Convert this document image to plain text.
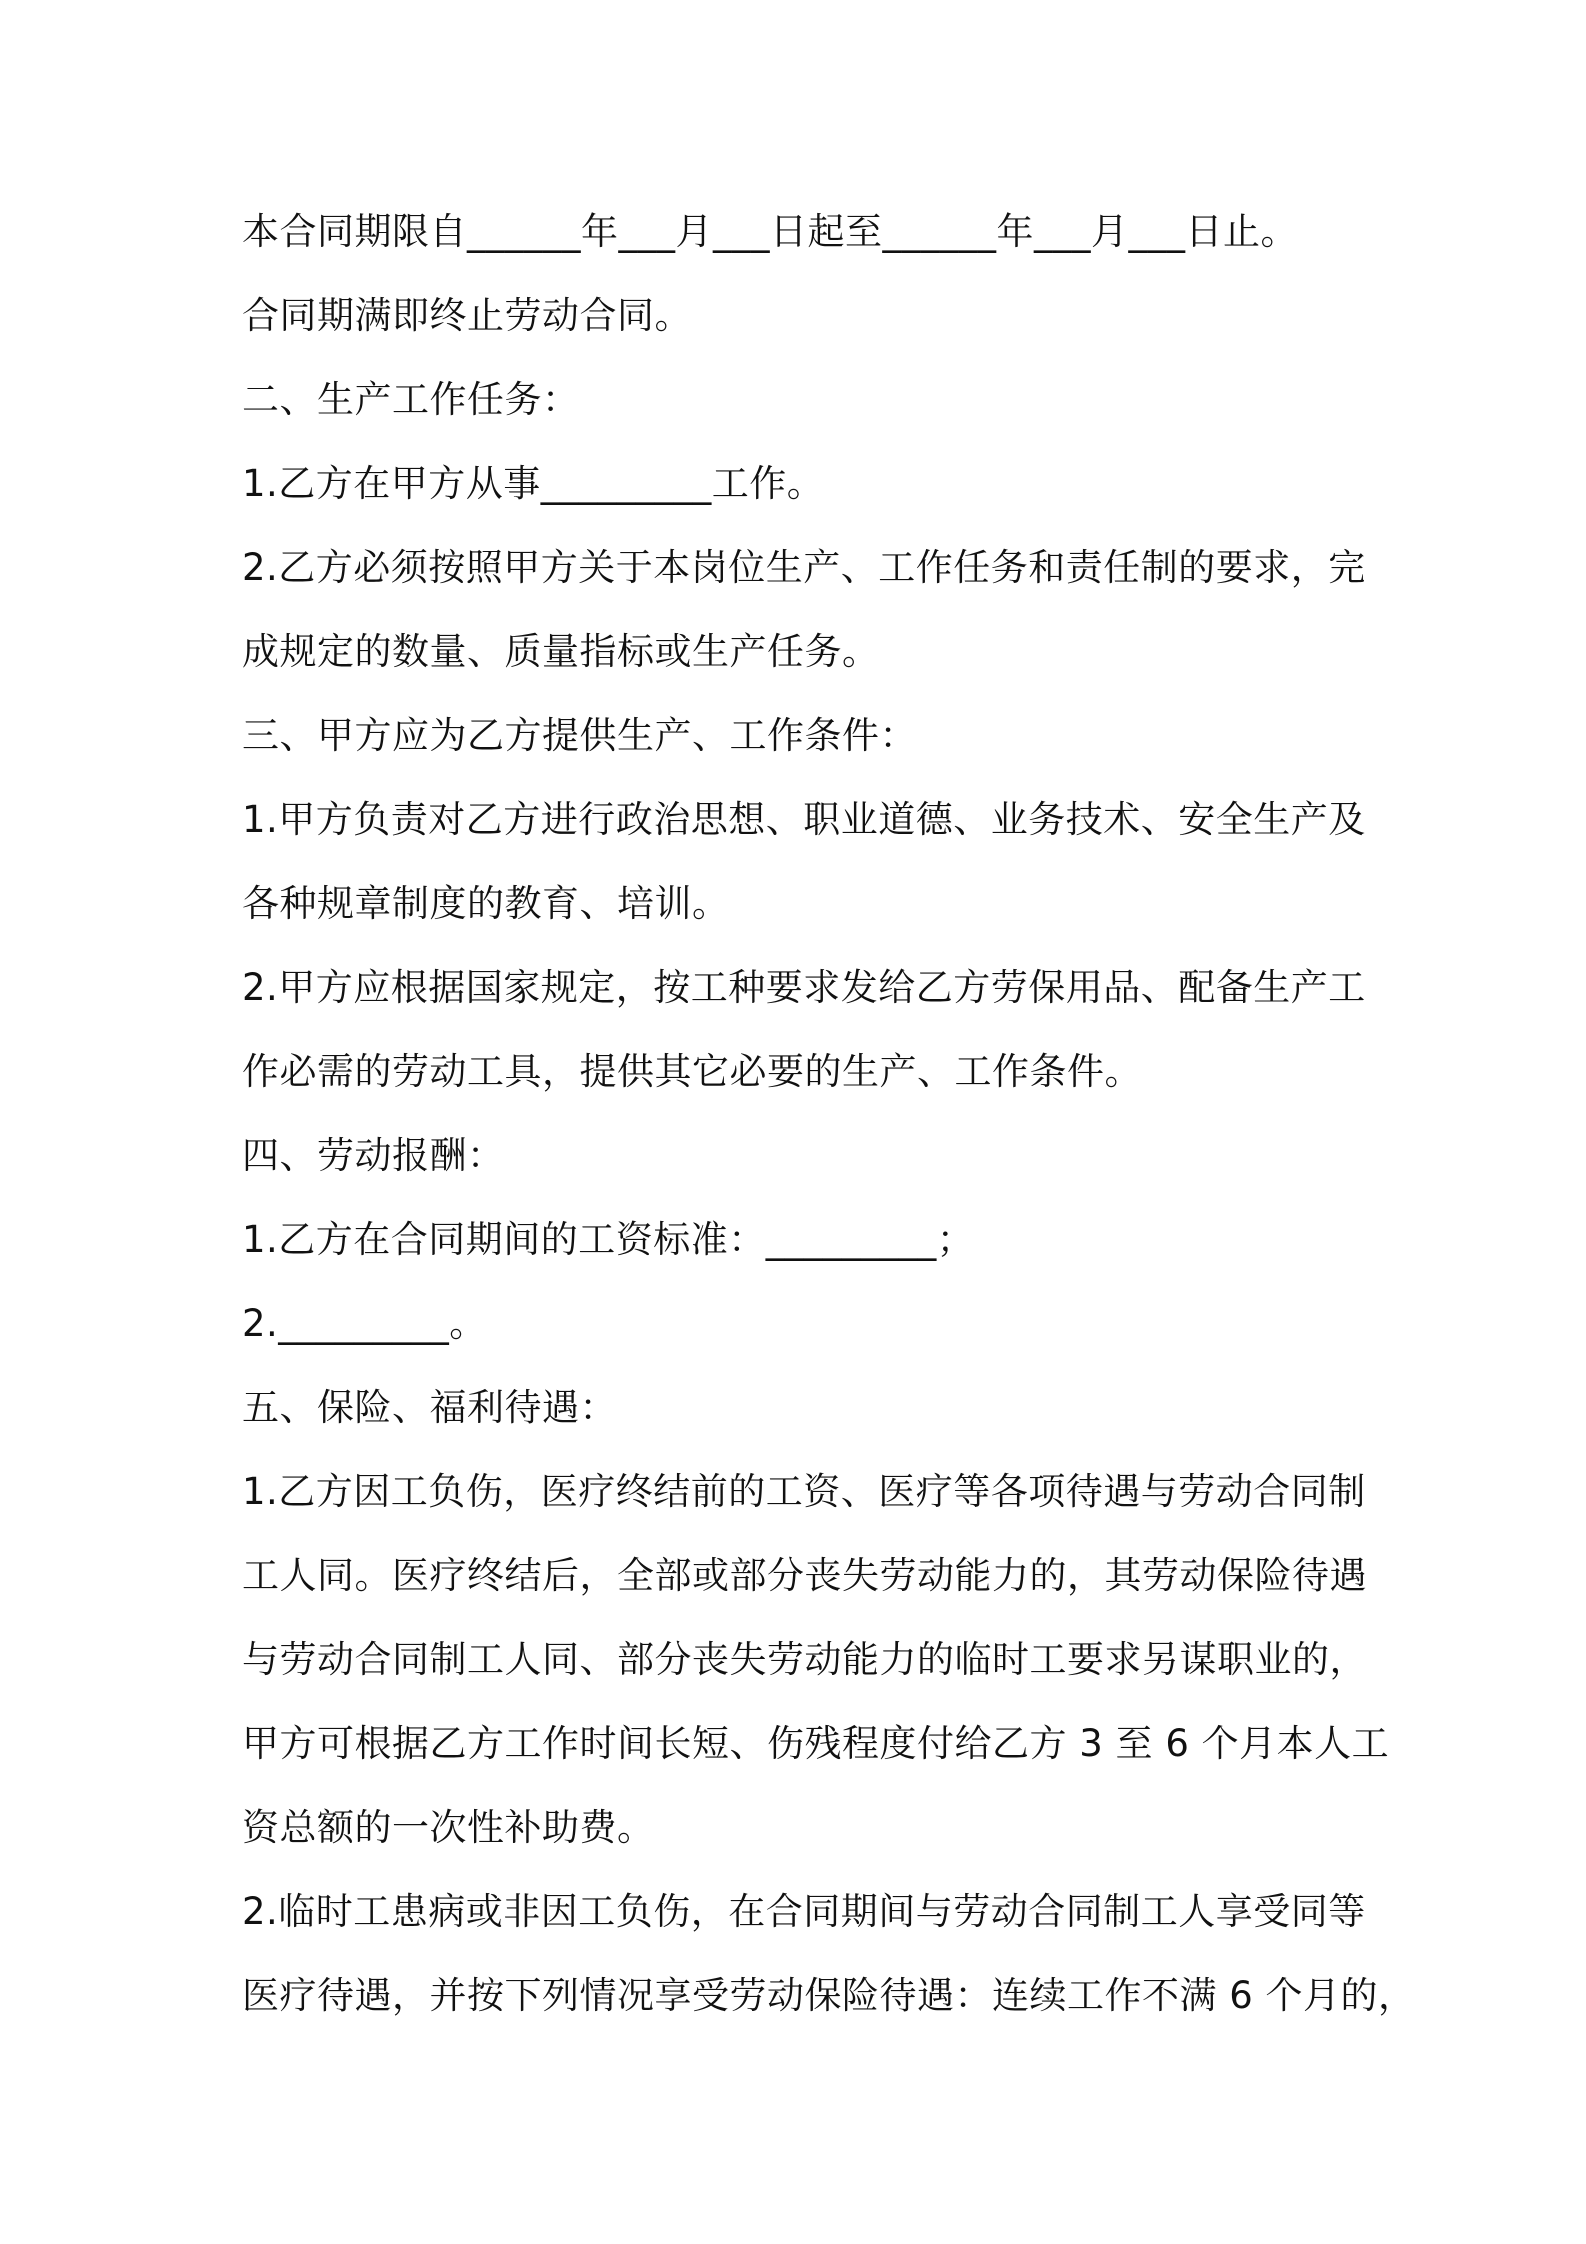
本合同期限自______年___月___日起至______年___月___日止。
合同期满即终止劳动合同。
二、生产工作任务：
1.乙方在甲方从事_________工作。
2.乙方必须按照甲方关于本岗位生产、工作任务和责任制的要求，完
成规定的数量、质量指标或生产任务。
三、甲方应为乙方提供生产、工作条件：
1.甲方负责对乙方进行政治思想、职业道德、业务技术、安全生产及
各种规章制度的教育、培训。
2.甲方应根据国家规定，按工种要求发给乙方劳保用品、配备生产工
作必需的劳动工具，提供其它必要的生产、工作条件。
四、劳动报酬：
1.乙方在合同期间的工资标准：_________；
2._________。
五、保险、福利待遇：
1.乙方因工负伤，医疗终结前的工资、医疗等各项待遇与劳动合同制
工人同。医疗终结后，全部或部分丧失劳动能力的，其劳动保险待遇
与劳动合同制工人同、部分丧失劳动能力的临时工要求另谋职业的，
甲方可根据乙方工作时间长短、伤残程度付给乙方 3 至 6 个月本人工
资总额的一次性补助费。
2.临时工患病或非因工负伤，在合同期间与劳动合同制工人享受同等
医疗待遇，并按下列情况享受劳动保险待遇：连续工作不满 6 个月的，
